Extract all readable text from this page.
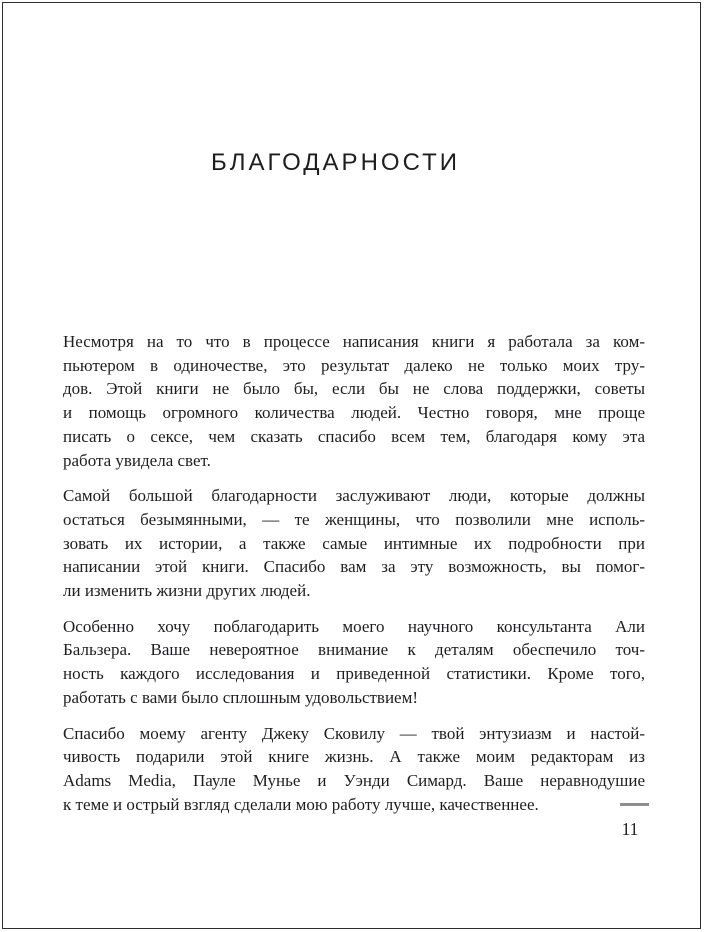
БЛАГОДАРНОСТИ
Несмотря на то что в процессе написания книги я работала за ком-
пьютером в одиночестве, это результат далеко не только моих тру-
дов. Этой книги не было бы, если бы не слова поддержки, советы
и помощь огромного количества людей. Честно говоря, мне проще
писать о сексе, чем сказать спасибо всем тем, благодаря кому эта
работа увидела свет.
Самой большой благодарности заслуживают люди, которые должны
остаться безымянными, — те женщины, что позволили мне исполь-
зовать их истории, а также самые интимные их подробности при
написании этой книги. Спасибо вам за эту возможность, вы помог-
ли изменить жизни других людей.
Особенно хочу поблагодарить моего научного консультанта Али
Бальзера. Ваше невероятное внимание к деталям обеспечило точ-
ность каждого исследования и приведенной статистики. Кроме того,
работать с вами было сплошным удовольствием!
Спасибо моему агенту Джеку Сковилу — твой энтузиазм и настой-
чивость подарили этой книге жизнь. А также моим редакторам из
Adams Media, Пауле Мунье и Уэнди Симард. Ваше неравнодушие
к теме и острый взгляд сделали мою работу лучше, качественнее.
11
